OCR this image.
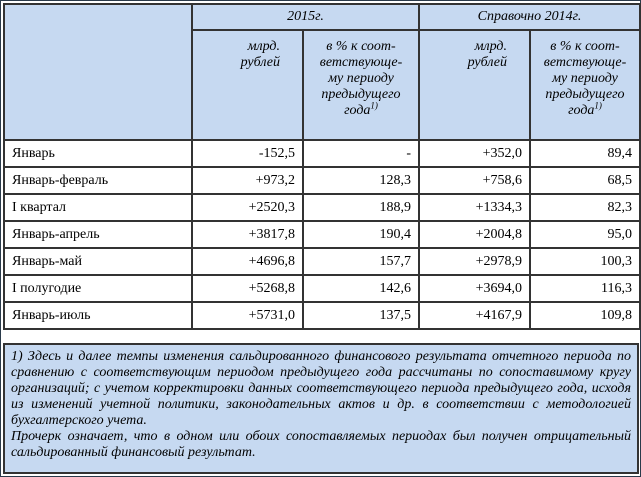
	2015г.		Справочно 2014г.	
	млрд.
рублей	в % к соот-
ветствующе-
му периоду
предыдущего
года$^{1)}$	млрд.
рублей	в % к соот-
ветствующе-
му периоду
предыдущего
года$^{1)}$
Январь	-152,5	-	+352,0	89,4
Январь-февраль	+973,2	128,3	+758,6	68,5
I квартал	+2520,3	188,9	+1334,3	82,3
Январь-апрель	+3817,8	190,4	+2004,8	95,0
Январь-май	+4696,8	157,7	+2978,9	100,3
I полугодие	+5268,8	142,6	+3694,0	116,3
Январь-июль	+5731,0	137,5	+4167,9	109,8

1) Здесь и далее темпы изменения сальдированного финансового результата отчетного периода по сравнению с соответствующим периодом предыдущего года рассчитаны по сопоставимому кругу организаций; с учетом корректировки данных соответствующего периода предыдущего года, исходя из изменений учетной политики, законодательных актов и др. в соответствии с методологией бухгалтерского учета.

Прочерк означает, что в одном или обоих сопоставляемых периодах был получен отрицательный сальдированный финансовый результат.
